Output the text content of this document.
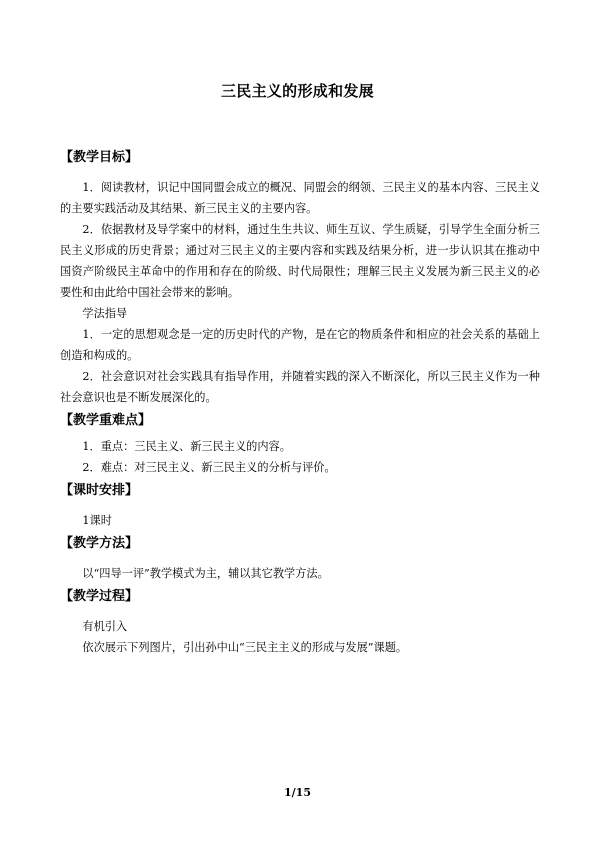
三民主义的形成和发展
【教学目标】

1．阅读教材，识记中国同盟会成立的概况、同盟会的纲领、三民主义的基本内容、三民主义的主要实践活动及其结果、新三民主义的主要内容。

2．依据教材及导学案中的材料，通过生生共议、师生互议、学生质疑，引导学生全面分析三民主义形成的历史背景；通过对三民主义的主要内容和实践及结果分析，进一步认识其在推动中国资产阶级民主革命中的作用和存在的阶级、时代局限性；理解三民主义发展为新三民主义的必要性和由此给中国社会带来的影响。

学法指导

1．一定的思想观念是一定的历史时代的产物，是在它的物质条件和相应的社会关系的基础上创造和构成的。

2．社会意识对社会实践具有指导作用，并随着实践的深入不断深化，所以三民主义作为一种社会意识也是不断发展深化的。

【教学重难点】

1．重点：三民主义、新三民主义的内容。

2．难点：对三民主义、新三民主义的分析与评价。

【课时安排】

1课时

【教学方法】

以“四导一评”教学模式为主，辅以其它教学方法。

【教学过程】

有机引入

依次展示下列图片，引出孙中山“三民主主义的形成与发展”课题。

1/15
